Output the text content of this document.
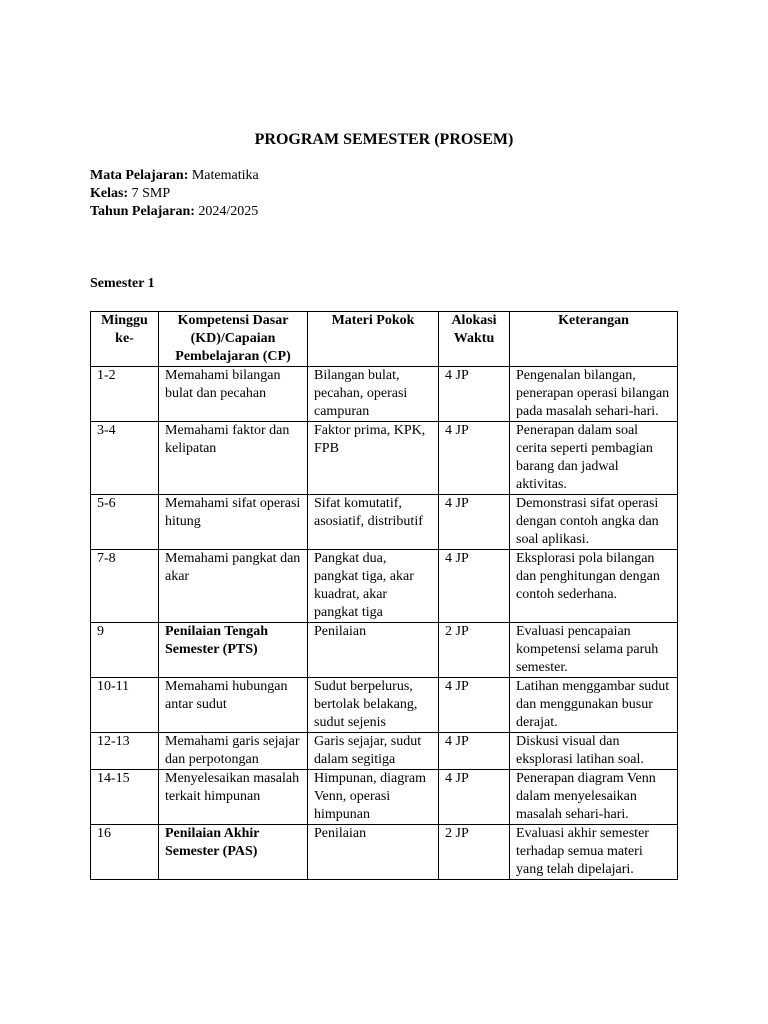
PROGRAM SEMESTER (PROSEM)
Mata Pelajaran: Matematika
Kelas: 7 SMP
Tahun Pelajaran: 2024/2025
Semester 1
Minggu ke-	Kompetensi Dasar (KD)/Capaian Pembelajaran (CP)	Materi Pokok	Alokasi Waktu	Keterangan
1-2	Memahami bilangan bulat dan pecahan	Bilangan bulat, pecahan, operasi campuran	4 JP	Pengenalan bilangan, penerapan operasi bilangan pada masalah sehari-hari.
3-4	Memahami faktor dan kelipatan	Faktor prima, KPK, FPB	4 JP	Penerapan dalam soal cerita seperti pembagian barang dan jadwal aktivitas.
5-6	Memahami sifat operasi hitung	Sifat komutatif, asosiatif, distributif	4 JP	Demonstrasi sifat operasi dengan contoh angka dan soal aplikasi.
7-8	Memahami pangkat dan akar	Pangkat dua, pangkat tiga, akar kuadrat, akar pangkat tiga	4 JP	Eksplorasi pola bilangan dan penghitungan dengan contoh sederhana.
9	Penilaian Tengah Semester (PTS)	Penilaian	2 JP	Evaluasi pencapaian kompetensi selama paruh semester.
10-11	Memahami hubungan antar sudut	Sudut berpelurus, bertolak belakang, sudut sejenis	4 JP	Latihan menggambar sudut dan menggunakan busur derajat.
12-13	Memahami garis sejajar dan perpotongan	Garis sejajar, sudut dalam segitiga	4 JP	Diskusi visual dan eksplorasi latihan soal.
14-15	Menyelesaikan masalah terkait himpunan	Himpunan, diagram Venn, operasi himpunan	4 JP	Penerapan diagram Venn dalam menyelesaikan masalah sehari-hari.
16	Penilaian Akhir Semester (PAS)	Penilaian	2 JP	Evaluasi akhir semester terhadap semua materi yang telah dipelajari.
